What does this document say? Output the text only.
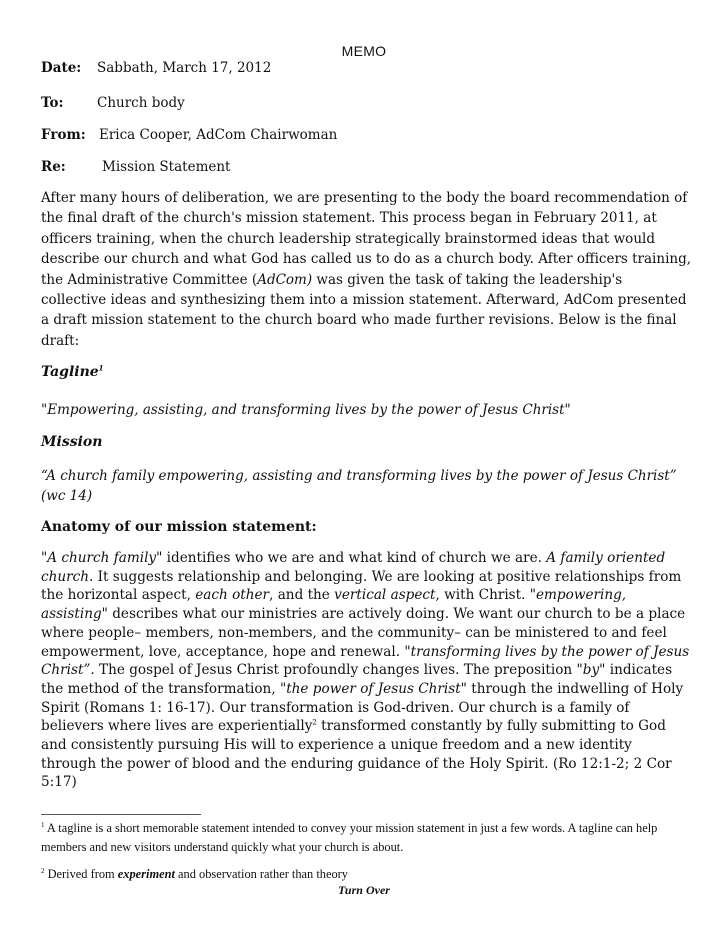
MEMO
Date: Sabbath, March 17, 2012
To: Church body
From: Erica Cooper, AdCom Chairwoman
Re:	Mission Statement
After many hours of deliberation, we are presenting to the body the board recommendation of the final draft of the church's mission statement. This process began in February 2011, at officers training, when the church leadership strategically brainstormed ideas that would describe our church and what God has called us to do as a church body. After officers training, the Administrative Committee (AdCom) was given the task of taking the leadership's collective ideas and synthesizing them into a mission statement. Afterward, AdCom presented a draft mission statement to the church board who made further revisions. Below is the final draft:
Tagline$^1$
"Empowering, assisting, and transforming lives by the power of Jesus Christ"
Mission
“A church family empowering, assisting and transforming lives by the power of Jesus Christ” (wc 14)
Anatomy of our mission statement:
"A church family" identifies who we are and what kind of church we are. A family oriented church. It suggests relationship and belonging. We are looking at positive relationships from the horizontal aspect, each other, and the vertical aspect, with Christ. "empowering, assisting" describes what our ministries are actively doing. We want our church to be a place where people– members, non-members, and the community– can be ministered to and feel empowerment, love, acceptance, hope and renewal. "transforming lives by the power of Jesus Christ”. The gospel of Jesus Christ profoundly changes lives. The preposition "by" indicates the method of the transformation, "the power of Jesus Christ" through the indwelling of Holy Spirit (Romans 1: 16-17). Our transformation is God-driven. Our church is a family of believers where lives are experientially$^2$ transformed constantly by fully submitting to God and consistently pursuing His will to experience a unique freedom and a new identity through the power of blood and the enduring guidance of the Holy Spirit. (Ro 12:1-2; 2 Cor 5:17)
$^1$ A tagline is a short memorable statement intended to convey your mission statement in just a few words. A tagline can help members and new visitors understand quickly what your church is about.
$^2$ Derived from experiment and observation rather than theory
Turn Over
